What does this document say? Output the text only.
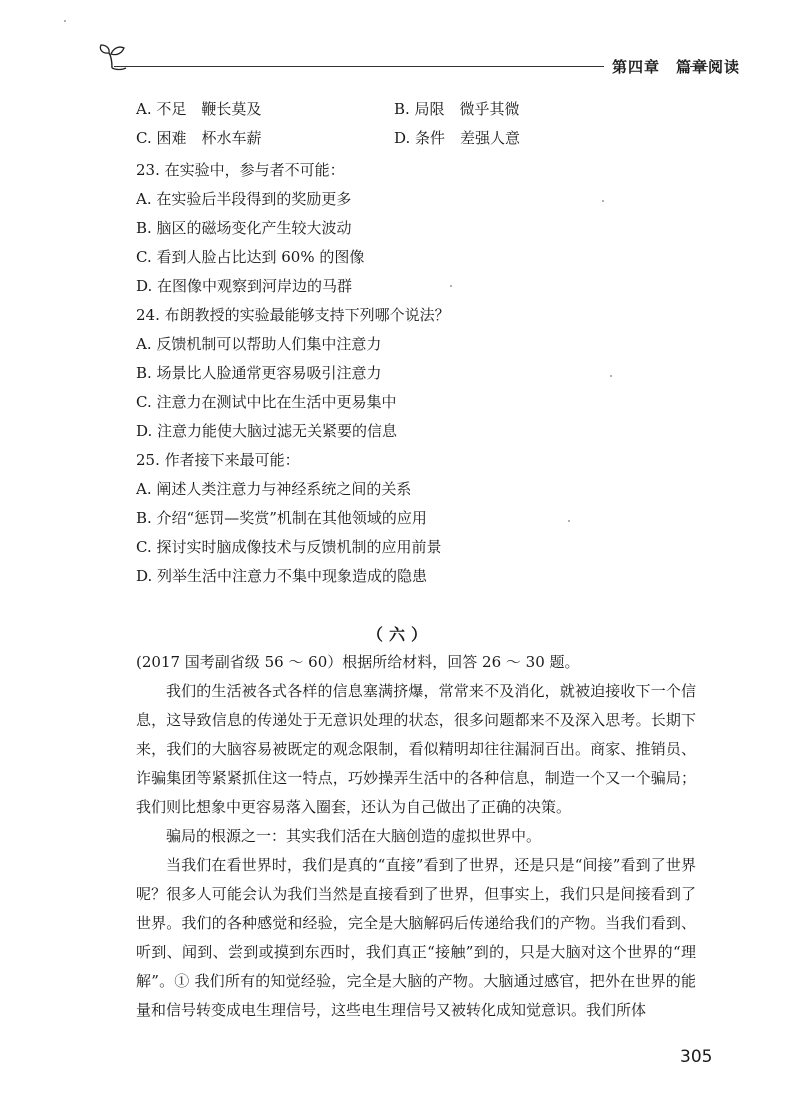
第四章　篇章阅读
A. 不足　鞭长莫及	B. 局限　微乎其微
C. 困难　杯水车薪	D. 条件　差强人意
23. 在实验中，参与者不可能：
A. 在实验后半段得到的奖励更多
B. 脑区的磁场变化产生较大波动
C. 看到人脸占比达到 60% 的图像
D. 在图像中观察到河岸边的马群
24. 布朗教授的实验最能够支持下列哪个说法？
A. 反馈机制可以帮助人们集中注意力
B. 场景比人脸通常更容易吸引注意力
C. 注意力在测试中比在生活中更易集中
D. 注意力能使大脑过滤无关紧要的信息
25. 作者接下来最可能：
A. 阐述人类注意力与神经系统之间的关系
B. 介绍“惩罚—奖赏”机制在其他领域的应用
C. 探讨实时脑成像技术与反馈机制的应用前景
D. 列举生活中注意力不集中现象造成的隐患
（六）
(2017 国考副省级 56 ～ 60）根据所给材料，回答 26 ～ 30 题。
我们的生活被各式各样的信息塞满挤爆，常常来不及消化，就被迫接收下一个信息，这导致信息的传递处于无意识处理的状态，很多问题都来不及深入思考。长期下来，我们的大脑容易被既定的观念限制，看似精明却往往漏洞百出。商家、推销员、诈骗集团等紧紧抓住这一特点，巧妙操弄生活中的各种信息，制造一个又一个骗局；我们则比想象中更容易落入圈套，还认为自己做出了正确的决策。
骗局的根源之一：其实我们活在大脑创造的虚拟世界中。
当我们在看世界时，我们是真的“直接”看到了世界，还是只是“间接”看到了世界呢？很多人可能会认为我们当然是直接看到了世界，但事实上，我们只是间接看到了世界。我们的各种感觉和经验，完全是大脑解码后传递给我们的产物。当我们看到、听到、闻到、尝到或摸到东西时，我们真正“接触”到的，只是大脑对这个世界的“理解”。① 我们所有的知觉经验，完全是大脑的产物。大脑通过感官，把外在世界的能量和信号转变成电生理信号，这些电生理信号又被转化成知觉意识。我们所体
305
